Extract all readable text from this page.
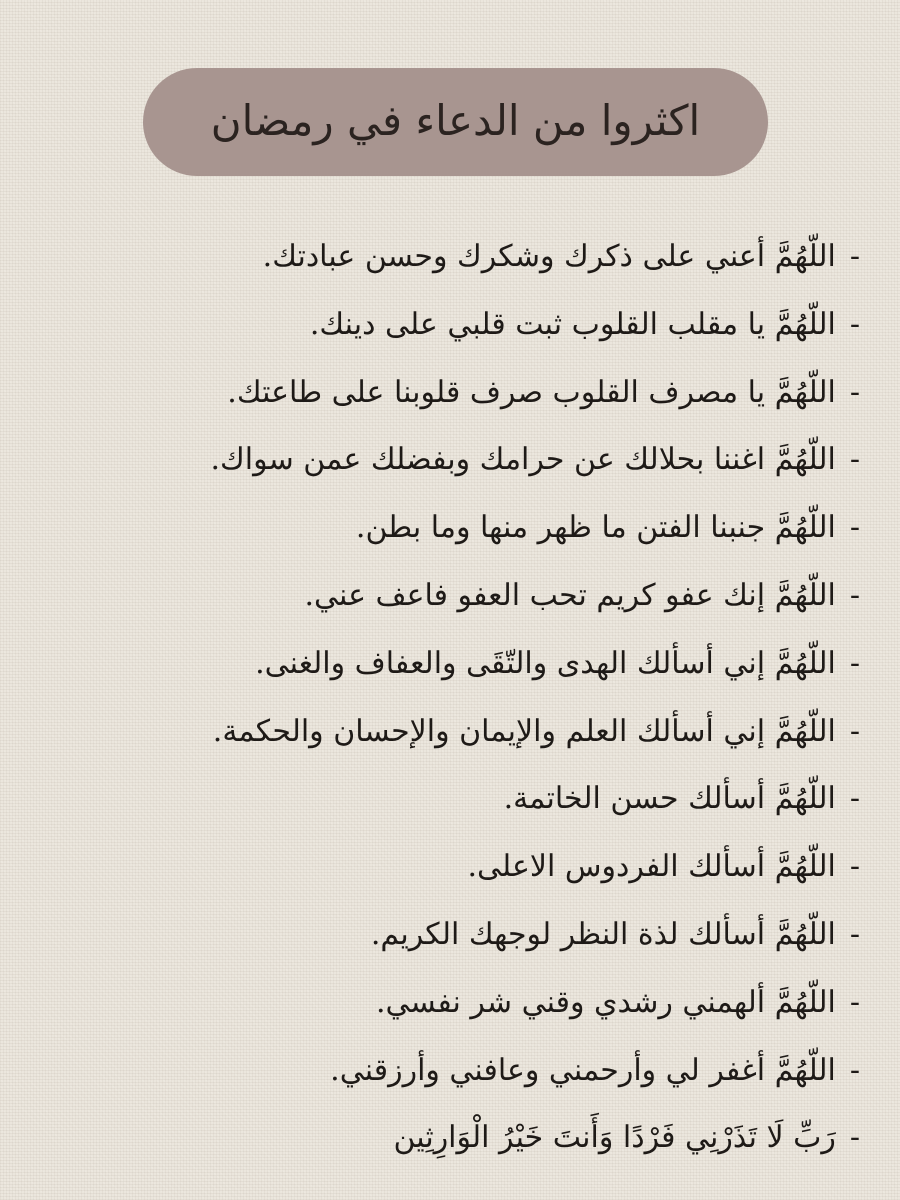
اكثروا من الدعاء في رمضان
-اللّهُمَّ أعني على ذكرك وشكرك وحسن عبادتك.
-اللّهُمَّ يا مقلب القلوب ثبت قلبي على دينك.
-اللّهُمَّ يا مصرف القلوب صرف قلوبنا على طاعتك.
-اللّهُمَّ اغننا بحلالك عن حرامك وبفضلك عمن سواك.
-اللّهُمَّ جنبنا الفتن ما ظهر منها وما بطن.
-اللّهُمَّ إنك عفو كريم تحب العفو فاعف عني.
-اللّهُمَّ إني أسألك الهدى والتّقَى والعفاف والغنى.
-اللّهُمَّ إني أسألك العلم والإيمان والإحسان والحكمة.
-اللّهُمَّ أسألك حسن الخاتمة.
-اللّهُمَّ أسألك الفردوس الاعلى.
-اللّهُمَّ أسألك لذة النظر لوجهك الكريم.
-اللّهُمَّ ألهمني رشدي وقني شر نفسي.
-اللّهُمَّ أغفر لي وأرحمني وعافني وأرزقني.
-رَبِّ لَا تَذَرْنِي فَرْدًا وَأَنتَ خَيْرُ الْوَارِثِين
